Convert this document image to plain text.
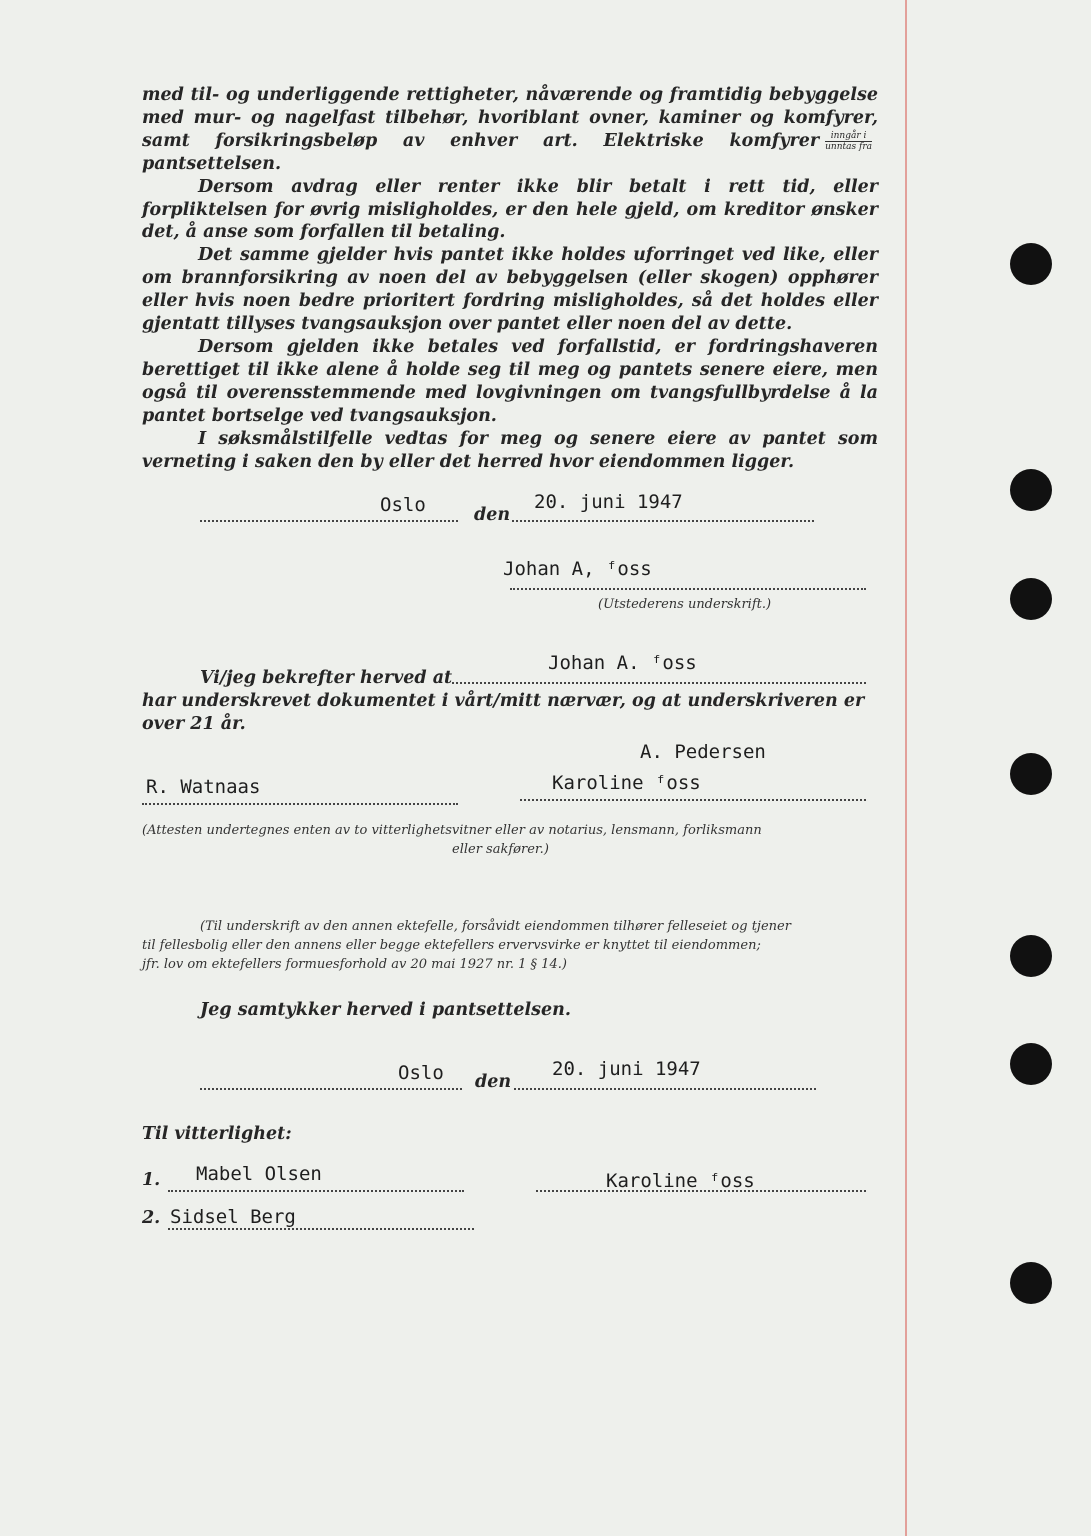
med til- og underliggende rettigheter, nåværende og framtidig bebyggelse med mur- og nagelfast tilbehør, hvoriblant ovner, kaminer og komfyrer, samt forsikringsbeløp av enhver art. Elektriske komfyrer $\frac{\text{inngår i}}{\text{unntas fra}}$
pantsettelsen.

Dersom avdrag eller renter ikke blir betalt i rett tid, eller forpliktelsen for øvrig misligholdes, er den hele gjeld, om kreditor ønsker det, å anse som forfallen til betaling.

Det samme gjelder hvis pantet ikke holdes uforringet ved like, eller om brannforsikring av noen del av bebyggelsen (eller skogen) opphører eller hvis noen bedre prioritert fordring misligholdes, så det holdes eller gjentatt tillyses tvangsauksjon over pantet eller noen del av dette.

Dersom gjelden ikke betales ved forfallstid, er fordringshaveren berettiget til ikke alene å holde seg til meg og pantets senere eiere, men også til overensstemmende med lovgivningen om tvangsfullbyrdelse å la pantet bortselge ved tvangsauksjon.

I søksmålstilfelle vedtas for meg og senere eiere av pantet som verneting i saken den by eller det herred hvor eiendommen ligger.

Oslo	den
20. juni 1947
Johan A, ᶠoss
(Utstederens underskrift.)
Vi/jeg bekrefter herved at
Johan A. ᶠoss
har underskrevet dokumentet i vårt/mitt nærvær, og at underskriveren er
over 21 år.
A. Pedersen
R. Watnaas	Karoline ᶠoss
(Attesten undertegnes enten av to vitterlighetsvitner eller av notarius, lensmann, forliksmann
eller sakfører.)
(Til underskrift av den annen ektefelle, forsåvidt eiendommen tilhører felleseiet og tjener
til fellesbolig eller den annens eller begge ektefellers ervervsvirke er knyttet til eiendommen;
jfr. lov om ektefellers formuesforhold av 20 mai 1927 nr. 1 § 14.)
Jeg samtykker herved i pantsettelsen.
Oslo den
20. juni 1947
Til vitterlighet:
1. Mabel Olsen	Karoline ᶠoss
2. Sidsel Berg
